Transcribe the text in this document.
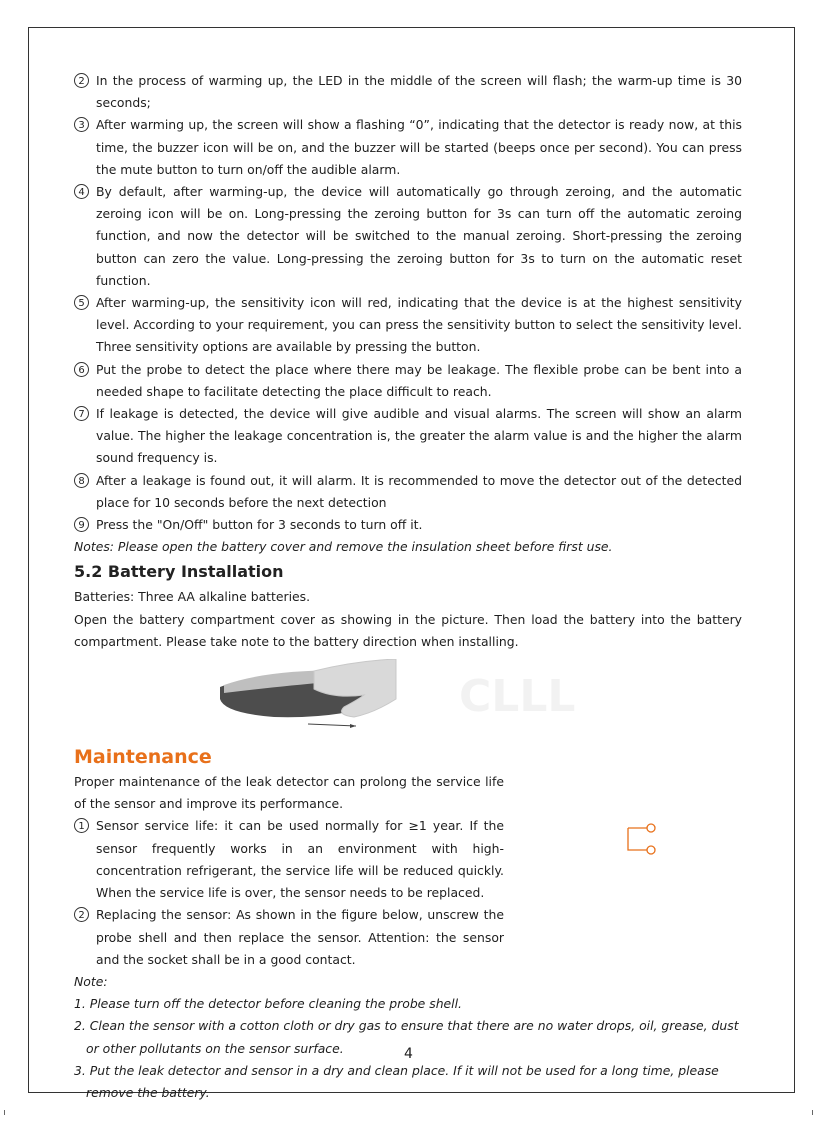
2 In the process of warming up, the LED in the middle of the screen will flash; the warm-up time is 30 seconds;
3 After warming up, the screen will show a flashing “0”, indicating that the detector is ready now, at this time, the buzzer icon will be on, and the buzzer will be started (beeps once per second). You can press the mute button to turn on/off the audible alarm.
4 By default, after warming-up, the device will automatically go through zeroing, and the automatic zeroing icon will be on. Long-pressing the zeroing button for 3s can turn off the automatic zeroing function, and now the detector will be switched to the manual zeroing. Short-pressing the zeroing button can zero the value. Long-pressing the zeroing button for 3s to turn on the automatic reset function.
5 After warming-up, the sensitivity icon will red, indicating that the device is at the highest sensitivity level. According to your requirement, you can press the sensitivity button to select the sensitivity level. Three sensitivity options are available by pressing the button.
6 Put the probe to detect the place where there may be leakage. The flexible probe can be bent into a needed shape to facilitate detecting the place difficult to reach.
7 If leakage is detected, the device will give audible and visual alarms. The screen will show an alarm value. The higher the leakage concentration is, the greater the alarm value is and the higher the alarm sound frequency is.
8 After a leakage is found out, it will alarm. It is recommended to move the detector out of the detected place for 10 seconds before the next detection
9 Press the "On/Off" button for 3 seconds to turn off it.
Notes: Please open the battery cover and remove the insulation sheet before first use.
5.2 Battery Installation
Batteries: Three AA alkaline batteries.
Open the battery compartment cover as showing in the picture. Then load the battery into the battery compartment. Please take note to the battery direction when installing.
CLLL
Maintenance
Proper maintenance of the leak detector can prolong the service life of the sensor and improve its performance.
1 Sensor service life: it can be used normally for ≥1 year. If the sensor frequently works in an environment with high-concentration refrigerant, the service life will be reduced quickly. When the service life is over, the sensor needs to be replaced.
2 Replacing the sensor: As shown in the figure below, unscrew the probe shell and then replace the sensor. Attention: the sensor and the socket shall be in a good contact.
Note:
1. Please turn off the detector before cleaning the probe shell.
2. Clean the sensor with a cotton cloth or dry gas to ensure that there are no water drops, oil, grease, dust or other pollutants on the sensor surface.
3. Put the leak detector and sensor in a dry and clean place. If it will not be used for a long time, please remove the battery.
4
